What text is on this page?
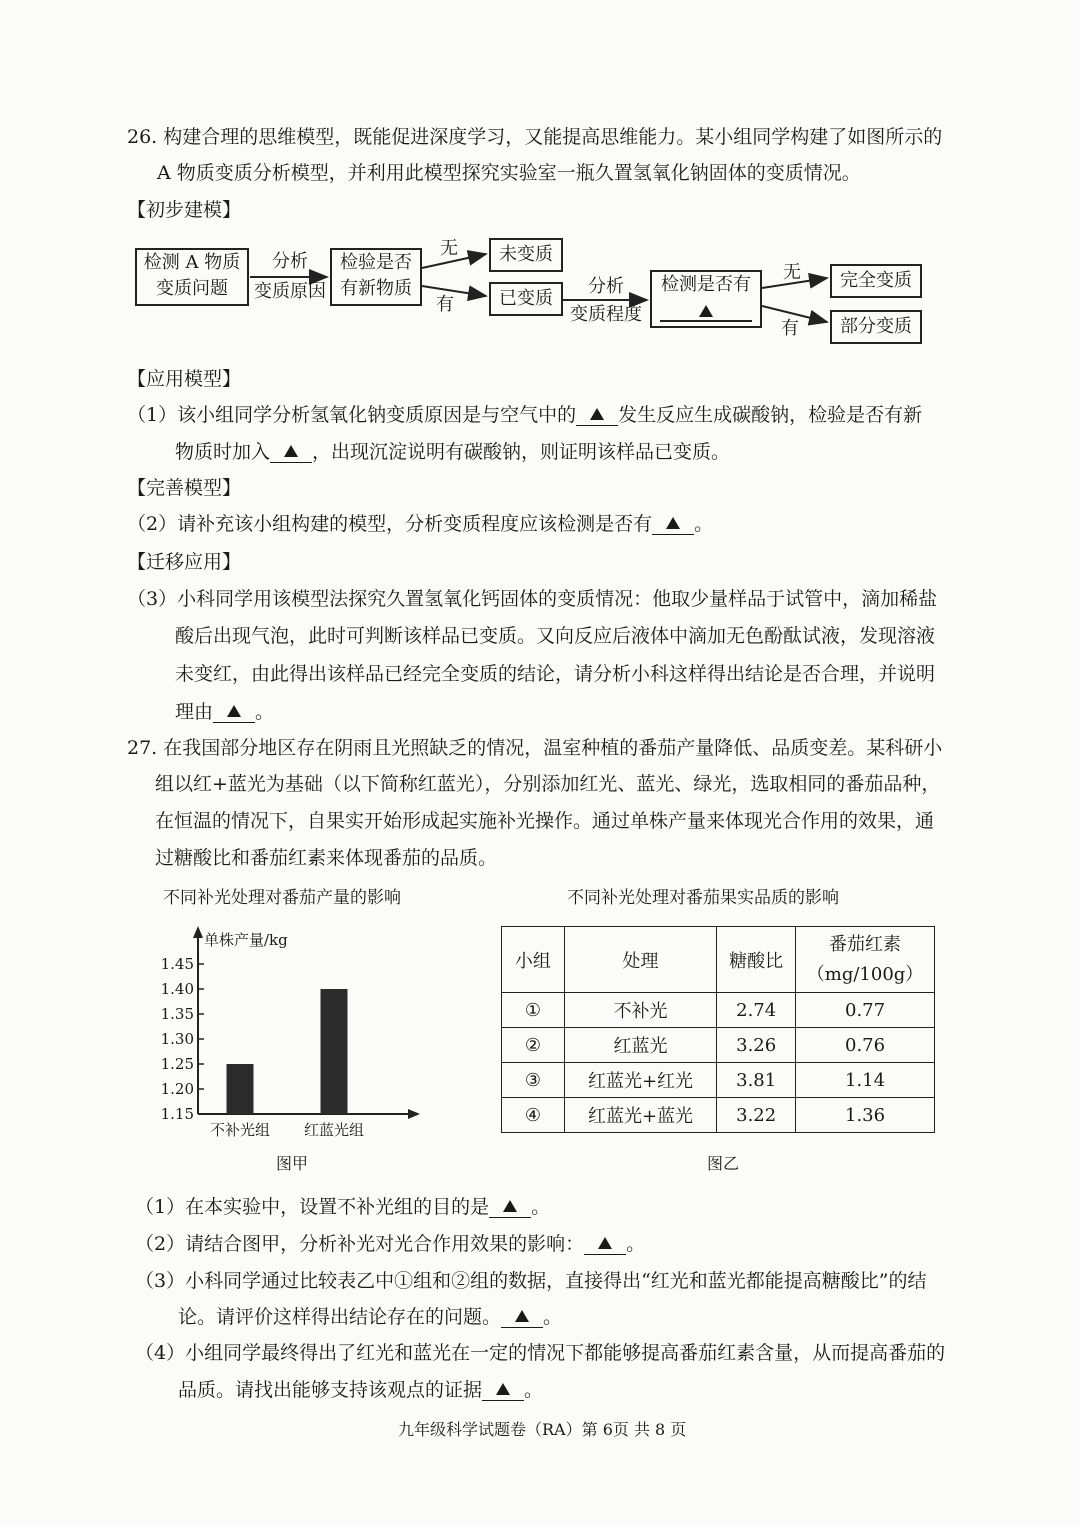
26. 构建合理的思维模型，既能促进深度学习，又能提高思维能力。某小组同学构建了如图所示的
A 物质变质分析模型，并利用此模型探究实验室一瓶久置氢氧化钠固体的变质情况。
【初步建模】
检测 A 物质
变质问题
分析
变质原因
检验是否
有新物质
无
有
未变质
已变质
分析
变质程度
检测是否有
无
有
完全变质
部分变质
【应用模型】
（1）该小组同学分析氢氧化钠变质原因是与空气中的 发生反应生成碳酸钠，检验是否有新
物质时加入 ，出现沉淀说明有碳酸钠，则证明该样品已变质。
【完善模型】
（2）请补充该小组构建的模型，分析变质程度应该检测是否有 。
【迁移应用】
（3）小科同学用该模型法探究久置氢氧化钙固体的变质情况：他取少量样品于试管中，滴加稀盐
酸后出现气泡，此时可判断该样品已变质。又向反应后液体中滴加无色酚酞试液，发现溶液
未变红，由此得出该样品已经完全变质的结论，请分析小科这样得出结论是否合理，并说明
理由 。
27. 在我国部分地区存在阴雨且光照缺乏的情况，温室种植的番茄产量降低、品质变差。某科研小
组以红+蓝光为基础（以下简称红蓝光），分别添加红光、蓝光、绿光，选取相同的番茄品种，
在恒温的情况下，自果实开始形成起实施补光操作。通过单株产量来体现光合作用的效果，通
过糖酸比和番茄红素来体现番茄的品质。
不同补光处理对番茄产量的影响
单株产量/kg
1.45
1.40
1.35
1.30
1.25
1.20
1.15
不补光组	红蓝光组
图甲
不同补光处理对番茄果实品质的影响
小组	处理	糖酸比	番茄红素
（mg/100g）

①	不补光	2.74	0.77
②	红蓝光	3.26	0.76
③	红蓝光+红光	3.81	1.14
④	红蓝光+蓝光	3.22	1.36
图乙
（1）在本实验中，设置不补光组的目的是 。
（2）请结合图甲，分析补光对光合作用效果的影响： 。
（3）小科同学通过比较表乙中①组和②组的数据，直接得出“红光和蓝光都能提高糖酸比”的结
论。请评价这样得出结论存在的问题。 。
（4）小组同学最终得出了红光和蓝光在一定的情况下都能够提高番茄红素含量，从而提高番茄的
品质。请找出能够支持该观点的证据 。
九年级科学试题卷（RA）第 6页 共 8 页
